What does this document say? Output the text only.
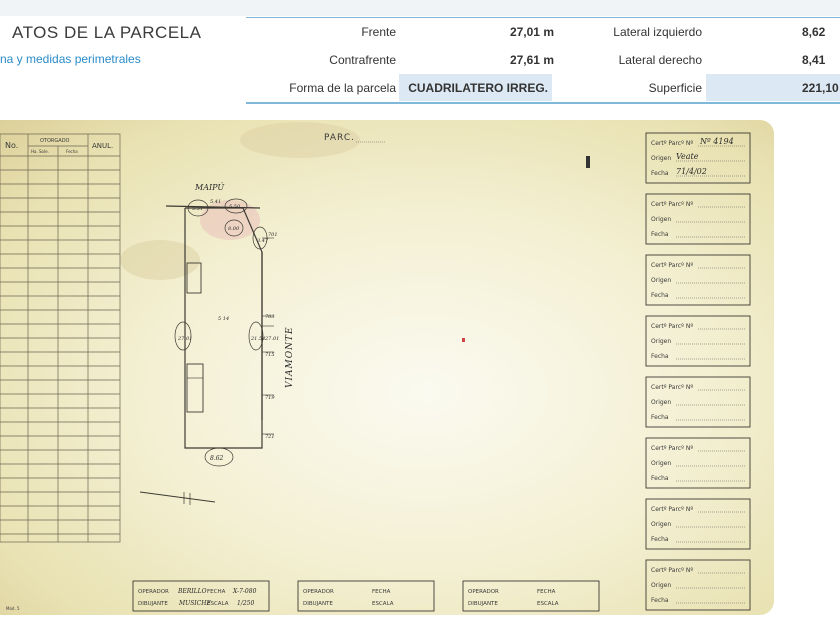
ATOS DE LA PARCELA
na y medidas perimetrales
Frente	27,01 m	Lateral izquierdo	8,62
Contrafrente	27,61 m	Lateral derecho	8,41
Forma de la parcela CUADRILATERO IRREG.	Superficie	221,10
No.	OTORGADO
Ha. Sole.	Fecha
ANUL.
PARC.
MAIPÚ
VIAMONTE
5.41
5.51	5.50
8.00
3.47
27.01	21.54
8.62
5 14
701
703
27.01
715
719
721
Certº Parcº Nº
Origen
Fecha
Nº 4194
Veate
71/4/02
Certº Parcº Nº
Origen
Fecha
Certº Parcº Nº
Origen
Fecha
Certº Parcº Nº
Origen
Fecha
Certº Parcº Nº
Origen
Fecha
Certº Parcº Nº
Origen
Fecha
Certº Parcº Nº
Origen
Fecha
Certº Parcº Nº
Origen
Fecha
OPERADOR	FECHA
DIBUJANTE	ESCALA
BERILLO	X-7-080
MUSICHE	1/250
OPERADOR	FECHA
DIBUJANTE	ESCALA
OPERADOR	FECHA
DIBUJANTE	ESCALA
Mod. 5
